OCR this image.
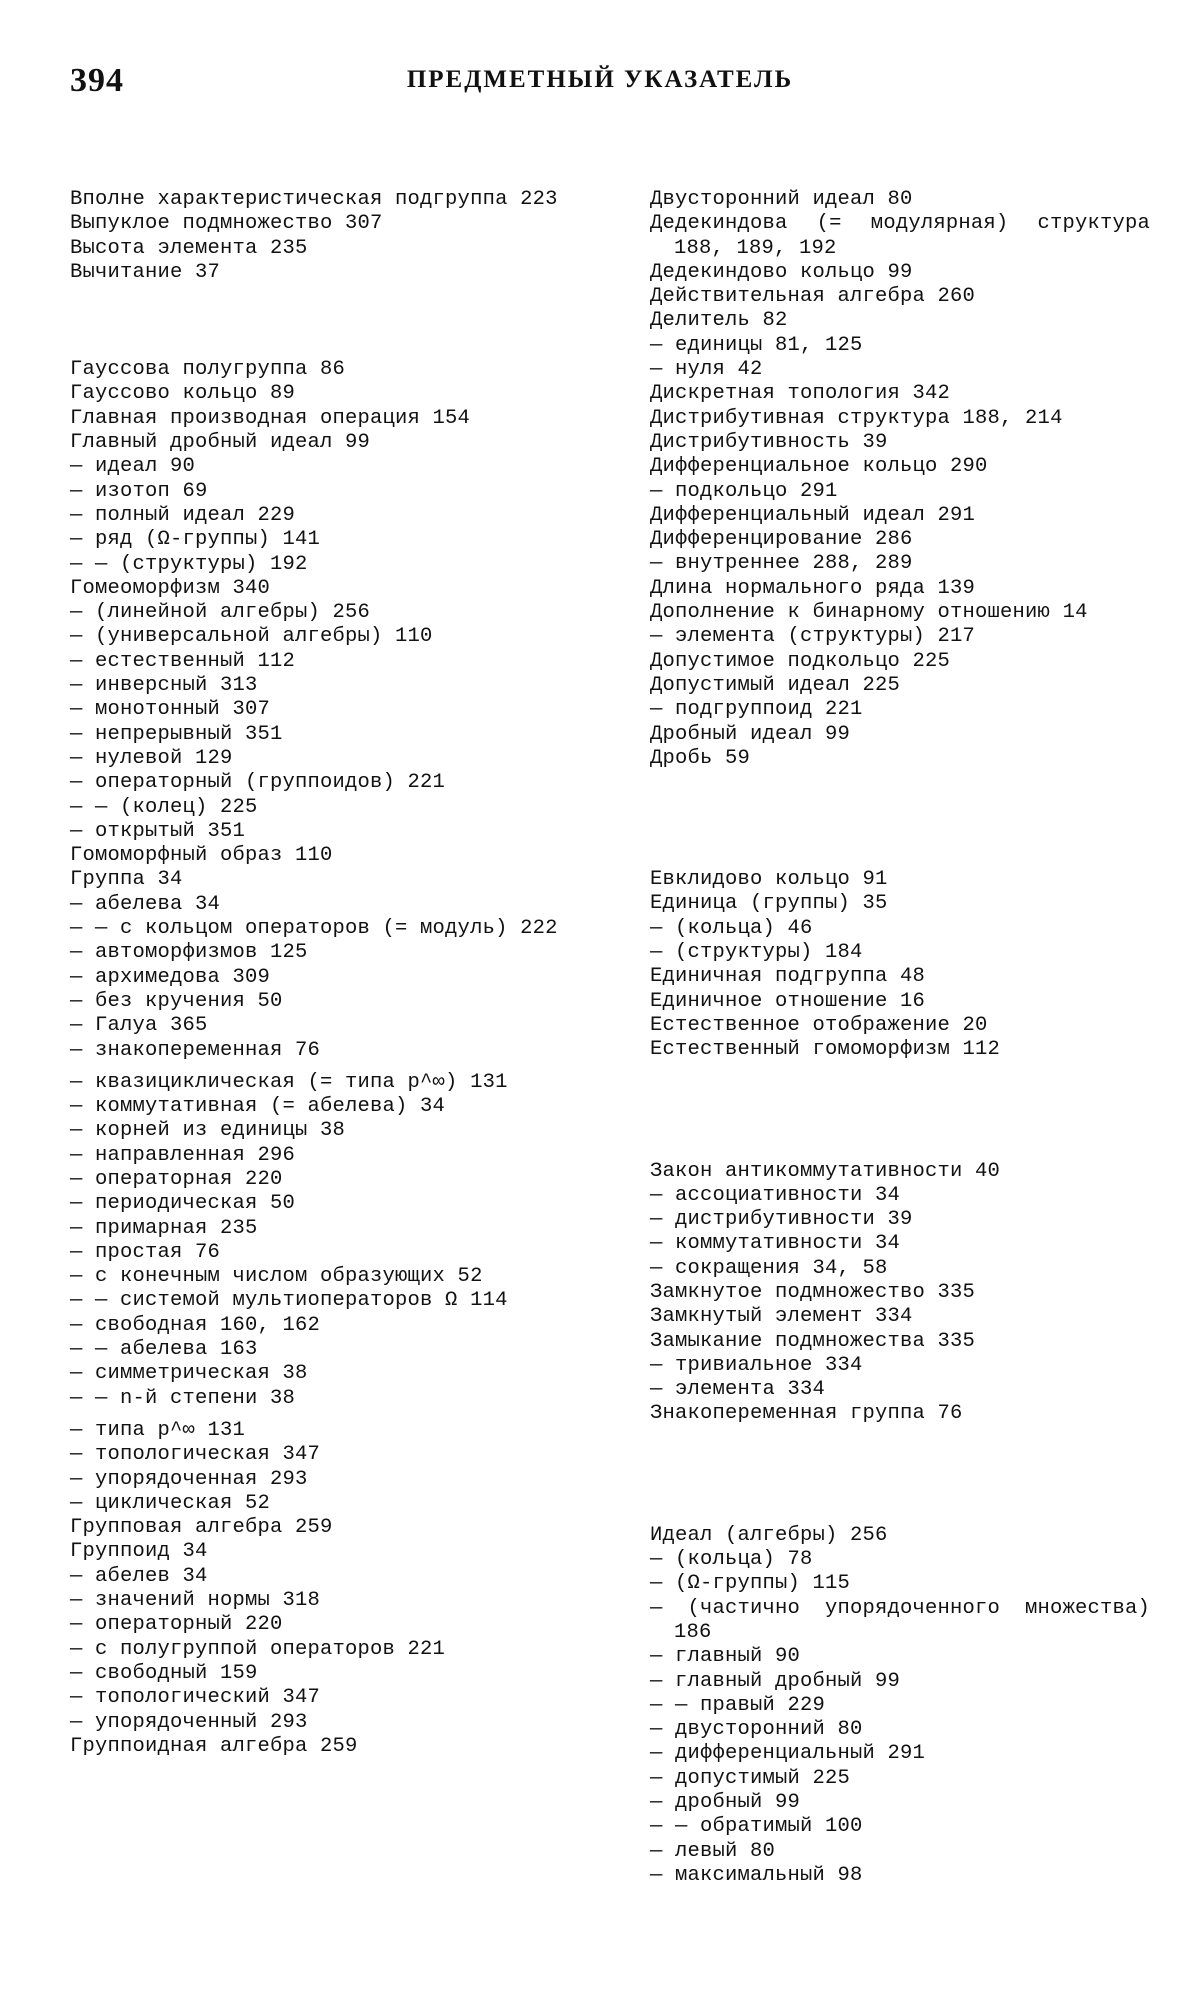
394	ПРЕДМЕТНЫЙ УКАЗАТЕЛЬ
Вполне характеристическая подгруппа 223
Выпуклое подмножество 307
Высота элемента 235
Вычитание 37
Гауссова полугруппа 86
Гауссово кольцо 89
Главная производная операция 154
Главный дробный идеал 99
— идеал 90
— изотоп 69
— полный идеал 229
— ряд (Ω-группы) 141
— — (структуры) 192
Гомеоморфизм 340
— (линейной алгебры) 256
— (универсальной алгебры) 110
— естественный 112
— инверсный 313
— монотонный 307
— непрерывный 351
— нулевой 129
— операторный (группоидов) 221
— — (колец) 225
— открытый 351
Гомоморфный образ 110
Группа 34
— абелева 34
— — с кольцом операторов (= модуль) 222
— автоморфизмов 125
— архимедова 309
— без кручения 50
— Галуа 365
— знакопеременная 76
— квазициклическая (= типа p^∞) 131
— коммутативная (= абелева) 34
— корней из единицы 38
— направленная 296
— операторная 220
— периодическая 50
— примарная 235
— простая 76
— с конечным числом образующих 52
— — системой мультиоператоров Ω 114
— свободная 160, 162
— — абелева 163
— симметрическая 38
— — n-й степени 38
— типа p^∞ 131
— топологическая 347
— упорядоченная 293
— циклическая 52
Групповая алгебра 259
Группоид 34
— абелев 34
— значений нормы 318
— операторный 220
— с полугруппой операторов 221
— свободный 159
— топологический 347
— упорядоченный 293
Группоидная алгебра 259
Двусторонний идеал 80
Дедекиндова (= модулярная) структура 188, 189, 192
Дедекиндово кольцо 99
Действительная алгебра 260
Делитель 82
— единицы 81, 125
— нуля 42
Дискретная топология 342
Дистрибутивная структура 188, 214
Дистрибутивность 39
Дифференциальное кольцо 290
— подкольцо 291
Дифференциальный идеал 291
Дифференцирование 286
— внутреннее 288, 289
Длина нормального ряда 139
Дополнение к бинарному отношению 14
— элемента (структуры) 217
Допустимое подкольцо 225
Допустимый идеал 225
— подгруппоид 221
Дробный идеал 99
Дробь 59
Евклидово кольцо 91
Единица (группы) 35
— (кольца) 46
— (структуры) 184
Единичная подгруппа 48
Единичное отношение 16
Естественное отображение 20
Естественный гомоморфизм 112
Закон антикоммутативности 40
— ассоциативности 34
— дистрибутивности 39
— коммутативности 34
— сокращения 34, 58
Замкнутое подмножество 335
Замкнутый элемент 334
Замыкание подмножества 335
— тривиальное 334
— элемента 334
Знакопеременная группа 76
Идеал (алгебры) 256
— (кольца) 78
— (Ω-группы) 115
— (частично упорядоченного множества) 186
— главный 90
— главный дробный 99
— — правый 229
— двусторонний 80
— дифференциальный 291
— допустимый 225
— дробный 99
— — обратимый 100
— левый 80
— максимальный 98
